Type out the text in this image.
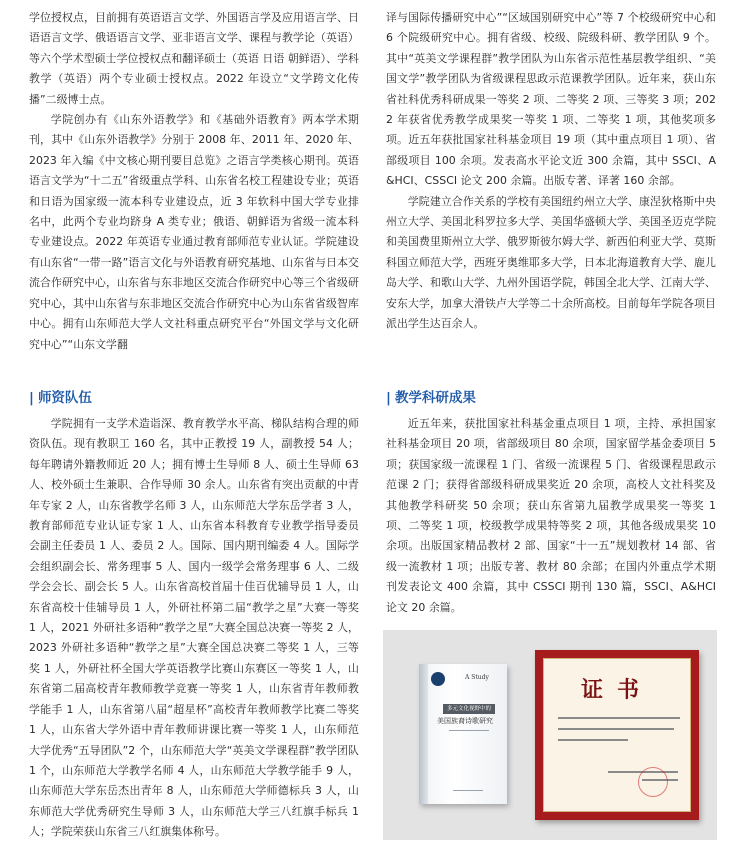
学位授权点，目前拥有英语语言文学、外国语言学及应用语言学、日语语言文学、俄语语言文学、亚非语言文学、课程与教学论（英语）等六个学术型硕士学位授权点和翻译硕士（英语 日语 朝鲜语）、学科教学（英语）两个专业硕士授权点。2022 年设立“文学跨文化传播”二级博士点。

学院创办有《山东外语教学》和《基础外语教育》两本学术期刊，其中《山东外语教学》分别于 2008 年、2011 年、2020 年、2023 年入编《中文核心期刊要目总览》之语言学类核心期刊。英语语言文学为“十二五”省级重点学科、山东省名校工程建设专业；英语和日语为国家级一流本科专业建设点，近 3 年软科中国大学专业排名中，此两个专业均跻身 A 类专业；俄语、朝鲜语为省级一流本科专业建设点。2022 年英语专业通过教育部师范专业认证。学院建设有山东省“一带一路”语言文化与外语教育研究基地、山东省与日本交流合作研究中心，山东省与东非地区交流合作研究中心等三个省级研究中心，其中山东省与东非地区交流合作研究中心为山东省省级智库中心。拥有山东师范大学人文社科重点研究平台“外国文学与文化研究中心”“山东文学翻

| 师资队伍

学院拥有一支学术造诣深、教育教学水平高、梯队结构合理的师资队伍。现有教职工 160 名，其中正教授 19 人，副教授 54 人；每年聘请外籍教师近 20 人；拥有博士生导师 8 人、硕士生导师 63 人、校外硕士生兼职、合作导师 30 余人。山东省有突出贡献的中青年专家 2 人，山东省教学名师 3 人，山东师范大学东岳学者 3 人，教育部师范专业认证专家 1 人、山东省本科教育专业教学指导委员会副主任委员 1 人、委员 2 人。国际、国内期刊编委 4 人。国际学会组织副会长、常务理事 5 人、国内一级学会常务理事 6 人、二级学会会长、副会长 5 人。山东省高校首届十佳百优辅导员 1 人，山东省高校十佳辅导员 1 人，外研社杯第二届“教学之星”大赛一等奖 1 人，2021 外研社多语种“教学之星”大赛全国总决赛一等奖 2 人，2023 外研社多语种“教学之星”大赛全国总决赛二等奖 1 人，三等奖 1 人，外研社杯全国大学英语教学比赛山东赛区一等奖 1 人，山东省第二届高校青年教师教学竞赛一等奖 1 人，山东省青年教师教学能手 1 人，山东省第八届“超星杯”高校青年教师教学比赛二等奖 1 人，山东省大学外语中青年教师讲课比赛一等奖 1 人，山东师范大学优秀“五导团队”2 个，山东师范大学“英美文学课程群”教学团队 1 个，山东师范大学教学名师 4 人，山东师范大学教学能手 9 人，山东师范大学东岳杰出青年 8 人，山东师范大学师德标兵 3 人，山东师范大学优秀研究生导师 3 人，山东师范大学三八红旗手标兵 1 人；学院荣获山东省三八红旗集体称号。

译与国际传播研究中心”“区域国别研究中心”等 7 个校级研究中心和 6 个院级研究中心。拥有省级、校级、院级科研、教学团队 9 个。其中“英美文学课程群”教学团队为山东省示范性基层教学组织、“美国文学”教学团队为省级课程思政示范课教学团队。近年来，获山东省社科优秀科研成果一等奖 2 项、二等奖 2 项、三等奖 3 项；2022 年获省优秀教学成果奖一等奖 1 项、二等奖 1 项，其他奖项多项。近五年获批国家社科基金项目 19 项（其中重点项目 1 项）、省部级项目 100 余项。发表高水平论文近 300 余篇，其中 SSCI、A&HCI、CSSCI 论文 200 余篇。出版专著、译著 160 余部。

学院建立合作关系的学校有美国纽约州立大学、康涅狄格斯中央州立大学、美国北科罗拉多大学、美国华盛顿大学、美国圣迈克学院和美国费里斯州立大学、俄罗斯彼尔姆大学、新西伯利亚大学、莫斯科国立师范大学，西班牙奥维耶多大学，日本北海道教育大学、鹿儿岛大学、和歌山大学、九州外国语学院，韩国全北大学、江南大学、安东大学，加拿大滑铁卢大学等二十余所高校。目前每年学院各项目派出学生达百余人。

| 教学科研成果

近五年来，获批国家社科基金重点项目 1 项，主持、承担国家社科基金项目 20 项，省部级项目 80 余项，国家留学基金委项目 5 项；获国家级一流课程 1 门、省级一流课程 5 门、省级课程思政示范课 2 门；获得省部级科研成果奖近 20 余项，高校人文社科奖及其他教学科研奖 50 余项；获山东省第九届教学成果奖一等奖 1 项、二等奖 1 项，校级教学成果特等奖 2 项，其他各级成果奖 10 余项。出版国家精品教材 2 部、国家“十一五”规划教材 14 部、省级一流教材 1 项；出版专著、教材 80 余部；在国内外重点学术期刊发表论文 400 余篇，其中 CSSCI 期刊 130 篇，SSCI、A&HCI 论文 20 余篇。

A Study
多元文化视野中的
美国族裔诗歌研究
证书
